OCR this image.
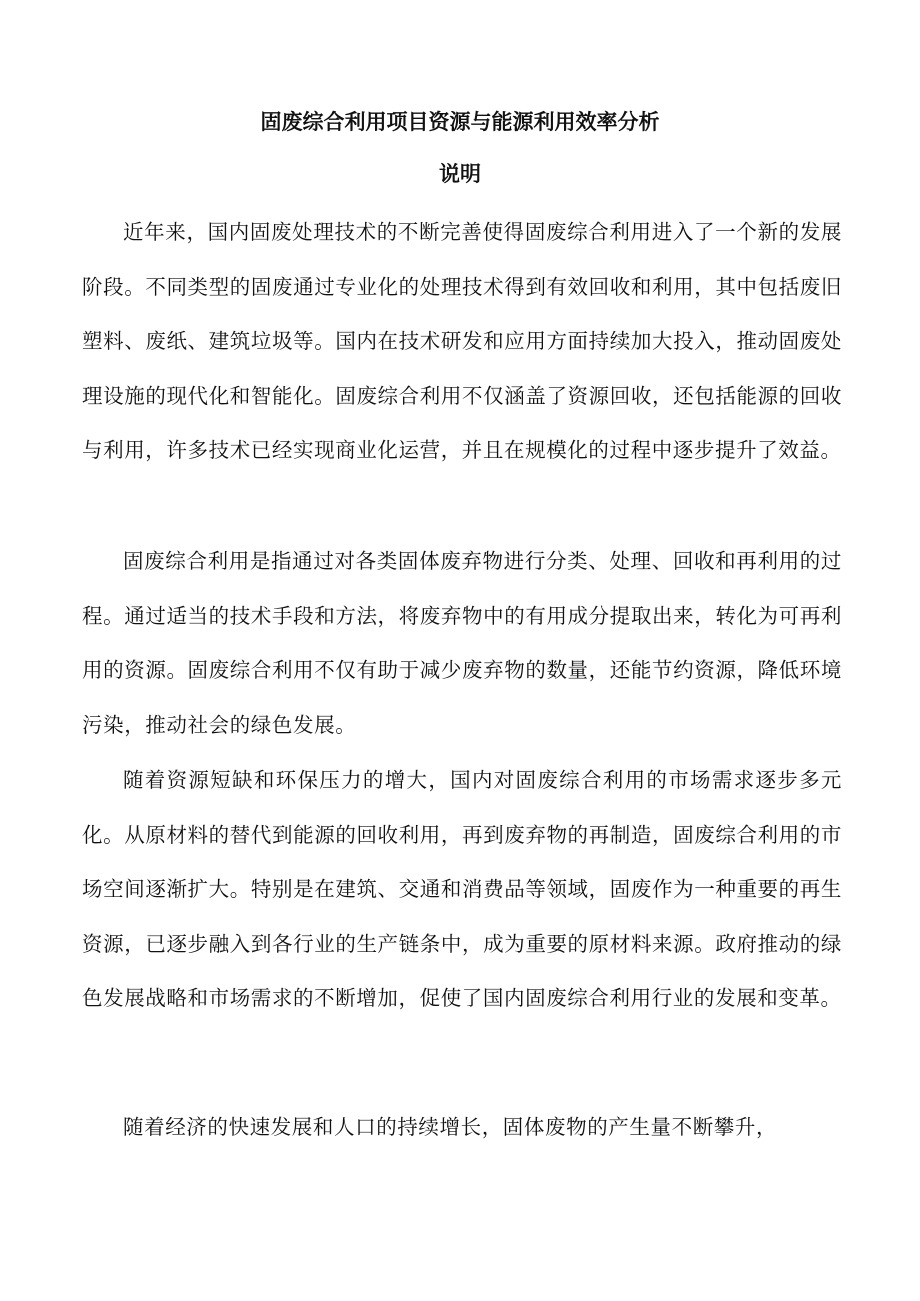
固废综合利用项目资源与能源利用效率分析
说明

近年来，国内固废处理技术的不断完善使得固废综合利用进入了一个新的发展阶段。不同类型的固废通过专业化的处理技术得到有效回收和利用，其中包括废旧塑料、废纸、建筑垃圾等。国内在技术研发和应用方面持续加大投入，推动固废处理设施的现代化和智能化。固废综合利用不仅涵盖了资源回收，还包括能源的回收与利用，许多技术已经实现商业化运营，并且在规模化的过程中逐步提升了效益。

固废综合利用是指通过对各类固体废弃物进行分类、处理、回收和再利用的过程。通过适当的技术手段和方法，将废弃物中的有用成分提取出来，转化为可再利用的资源。固废综合利用不仅有助于减少废弃物的数量，还能节约资源，降低环境污染，推动社会的绿色发展。

随着资源短缺和环保压力的增大，国内对固废综合利用的市场需求逐步多元化。从原材料的替代到能源的回收利用，再到废弃物的再制造，固废综合利用的市场空间逐渐扩大。特别是在建筑、交通和消费品等领域，固废作为一种重要的再生资源，已逐步融入到各行业的生产链条中，成为重要的原材料来源。政府推动的绿色发展战略和市场需求的不断增加，促使了国内固废综合利用行业的发展和变革。

随着经济的快速发展和人口的持续增长，固体废物的产生量不断攀升，
